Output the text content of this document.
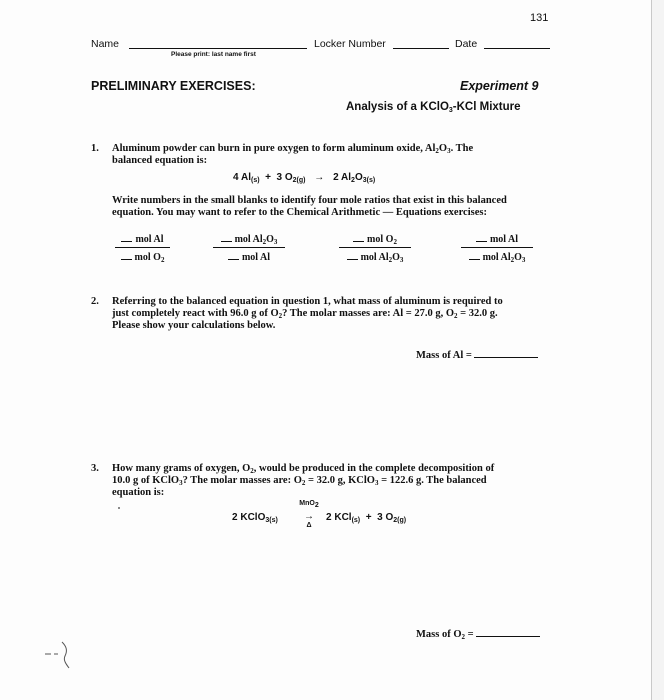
131
Name
Please print: last name first
Locker Number	Date
PRELIMINARY EXERCISES:	Experiment 9
Analysis of a KClO$_3$-KCl Mixture
1. Aluminum powder can burn in pure oxygen to form aluminum oxide, $Al_2O_3$. The
balanced equation is:
4 $Al_{(s)} + 3$ $O_{2(g)} \to 2$ $Al_2O_{3(s)}$
Write numbers in the small blanks to identify four mole ratios that exist in this balanced
equation. You may want to refer to the Chemical Arithmetic — Equations exercises:
mol Al
mol $O_2$
mol $Al_2O_3$
mol Al
mol $O_2$
mol $Al_2O_3$
mol Al
mol $Al_2O_3$
2. Referring to the balanced equation in question 1, what mass of aluminum is required to
just completely react with 96.0 g of $O_2$? The molar masses are: Al = 27.0 g, $O_2 = 32.0$ g.
Please show your calculations below.
Mass of Al =
3. How many grams of oxygen, $O_2$, would be produced in the complete decomposition of
10.0 g of KClO$_3$? The molar masses are: $O_2 = 32.0$ g, KClO$_3$ = 122.6 g. The balanced
equation is:
2 KClO$_{3(s)}$
MnO$_2$
→
Δ
2 KCl$_{(s)}$ + 3 $O_{2(g)}$
Mass of $O_2$ =
